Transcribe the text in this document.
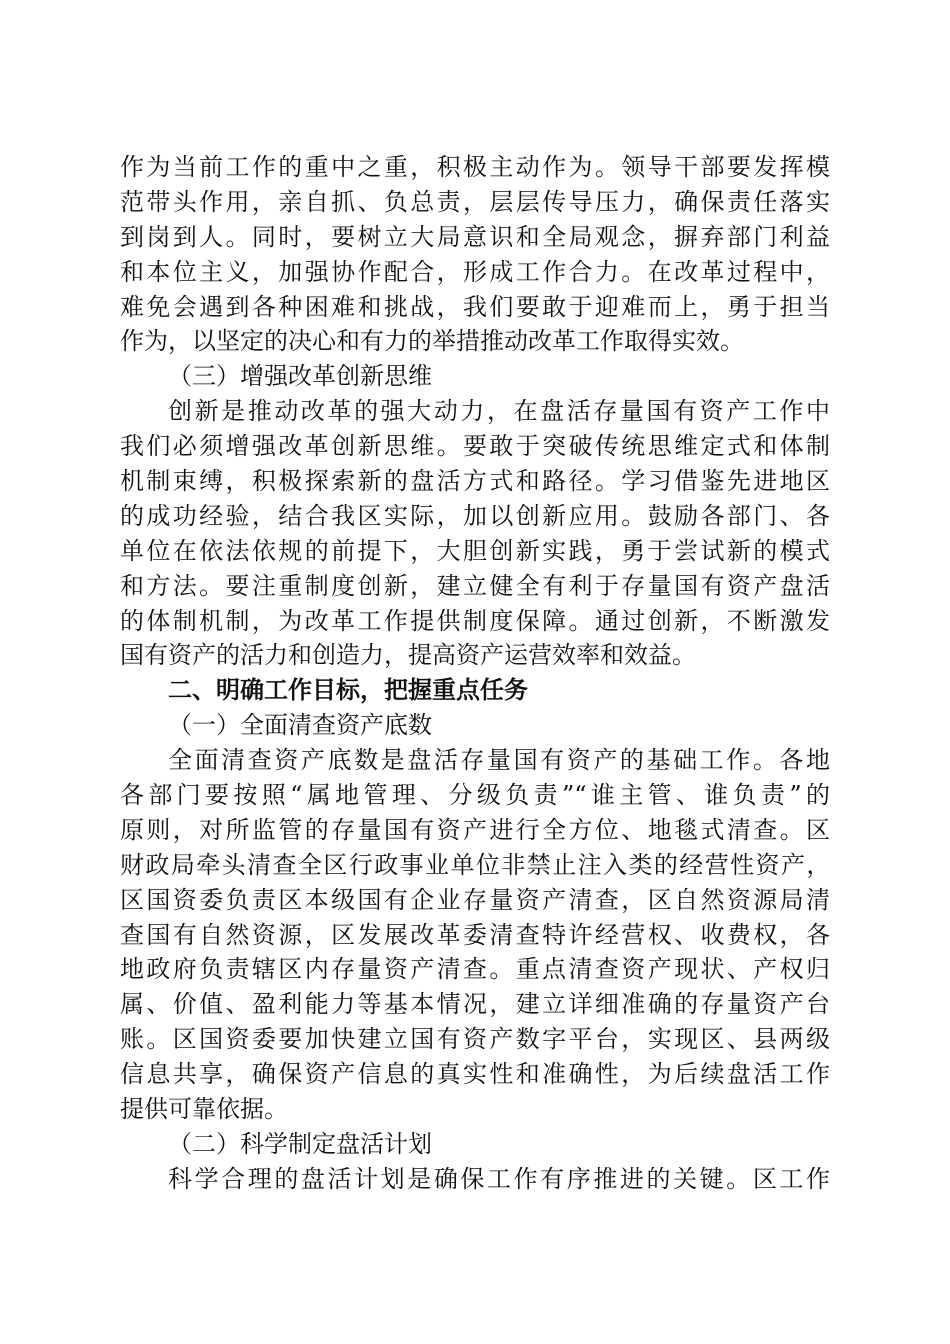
作为当前工作的重中之重，积极主动作为。领导干部要发挥模
范带头作用，亲自抓、负总责，层层传导压力，确保责任落实
到岗到人。同时，要树立大局意识和全局观念，摒弃部门利益
和本位主义，加强协作配合，形成工作合力。在改革过程中，
难免会遇到各种困难和挑战，我们要敢于迎难而上，勇于担当
作为，以坚定的决心和有力的举措推动改革工作取得实效。
（三）增强改革创新思维
创新是推动改革的强大动力，在盘活存量国有资产工作中
我们必须增强改革创新思维。要敢于突破传统思维定式和体制
机制束缚，积极探索新的盘活方式和路径。学习借鉴先进地区
的成功经验，结合我区实际，加以创新应用。鼓励各部门、各
单位在依法依规的前提下，大胆创新实践，勇于尝试新的模式
和方法。要注重制度创新，建立健全有利于存量国有资产盘活
的体制机制，为改革工作提供制度保障。通过创新，不断激发
国有资产的活力和创造力，提高资产运营效率和效益。
二、明确工作目标，把握重点任务
（一）全面清查资产底数
全面清查资产底数是盘活存量国有资产的基础工作。各地
各部门要按照“属地管理、分级负责”“谁主管、谁负责”的
原则，对所监管的存量国有资产进行全方位、地毯式清查。区
财政局牵头清查全区行政事业单位非禁止注入类的经营性资产，
区国资委负责区本级国有企业存量资产清查，区自然资源局清
查国有自然资源，区发展改革委清查特许经营权、收费权，各
地政府负责辖区内存量资产清查。重点清查资产现状、产权归
属、价值、盈利能力等基本情况，建立详细准确的存量资产台
账。区国资委要加快建立国有资产数字平台，实现区、县两级
信息共享，确保资产信息的真实性和准确性，为后续盘活工作
提供可靠依据。
（二）科学制定盘活计划
科学合理的盘活计划是确保工作有序推进的关键。区工作
